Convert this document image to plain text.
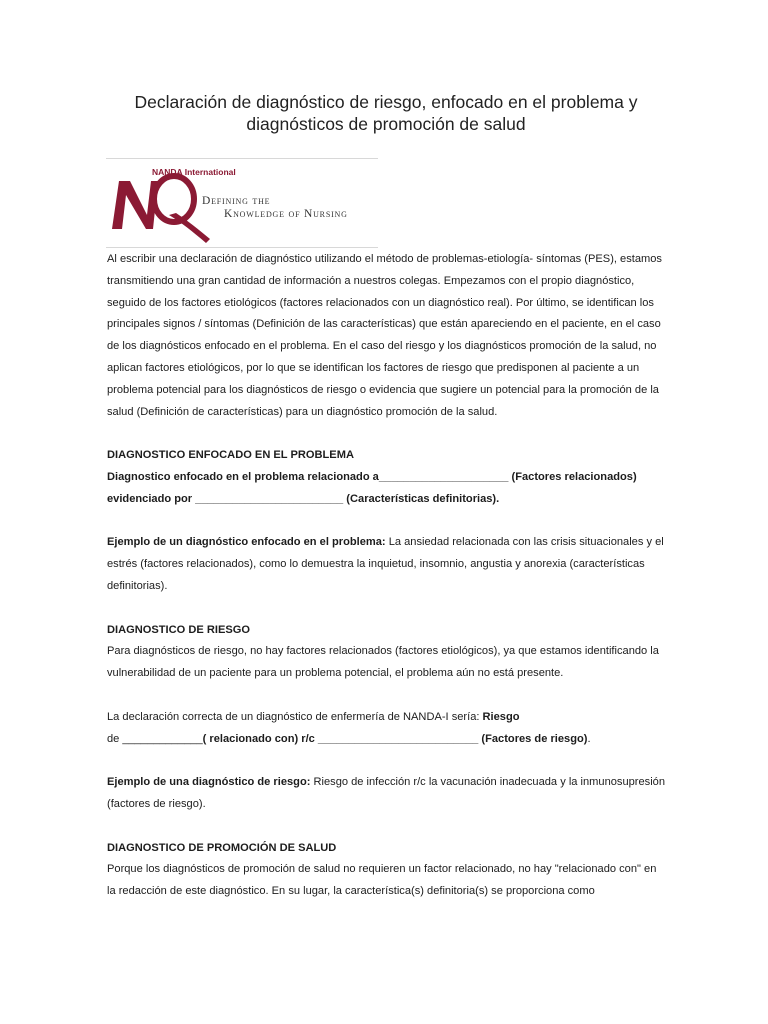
Declaración de diagnóstico de riesgo, enfocado en el problema y
diagnósticos de promoción de salud
NANDA International
Defining the
Knowledge of Nursing

Al escribir una declaración de diagnóstico utilizando el método de problemas-etiología- síntomas (PES), estamos transmitiendo una gran cantidad de información a nuestros colegas. Empezamos con el propio diagnóstico, seguido de los factores etiológicos (factores relacionados con un diagnóstico real). Por último, se identifican los principales signos / síntomas (Definición de las características) que están apareciendo en el paciente, en el caso de los diagnósticos enfocado en el problema. En el caso del riesgo y los diagnósticos promoción de la salud, no aplican factores etiológicos, por lo que se identifican los factores de riesgo que predisponen al paciente a un problema potencial para los diagnósticos de riesgo o evidencia que sugiere un potencial para la promoción de la salud (Definición de características) para un diagnóstico promoción de la salud.

DIAGNOSTICO ENFOCADO EN EL PROBLEMA

Diagnostico enfocado en el problema relacionado a_____________________ (Factores relacionados) evidenciado por ________________________ (Características definitorias).

Ejemplo de un diagnóstico enfocado en el problema: La ansiedad relacionada con las crisis situacionales y el estrés (factores relacionados), como lo demuestra la inquietud, insomnio, angustia y anorexia (características definitorias).

DIAGNOSTICO DE RIESGO

Para diagnósticos de riesgo, no hay factores relacionados (factores etiológicos), ya que estamos identificando la vulnerabilidad de un paciente para un problema potencial, el problema aún no está presente.

La declaración correcta de un diagnóstico de enfermería de NANDA-I sería: Riesgo
de _____________( relacionado con) r/c __________________________ (Factores de riesgo).

Ejemplo de una diagnóstico de riesgo: Riesgo de infección r/c la vacunación inadecuada y la inmunosupresión (factores de riesgo).

DIAGNOSTICO DE PROMOCIÓN DE SALUD

Porque los diagnósticos de promoción de salud no requieren un factor relacionado, no hay "relacionado con" en la redacción de este diagnóstico. En su lugar, la característica(s) definitoria(s) se proporciona como
